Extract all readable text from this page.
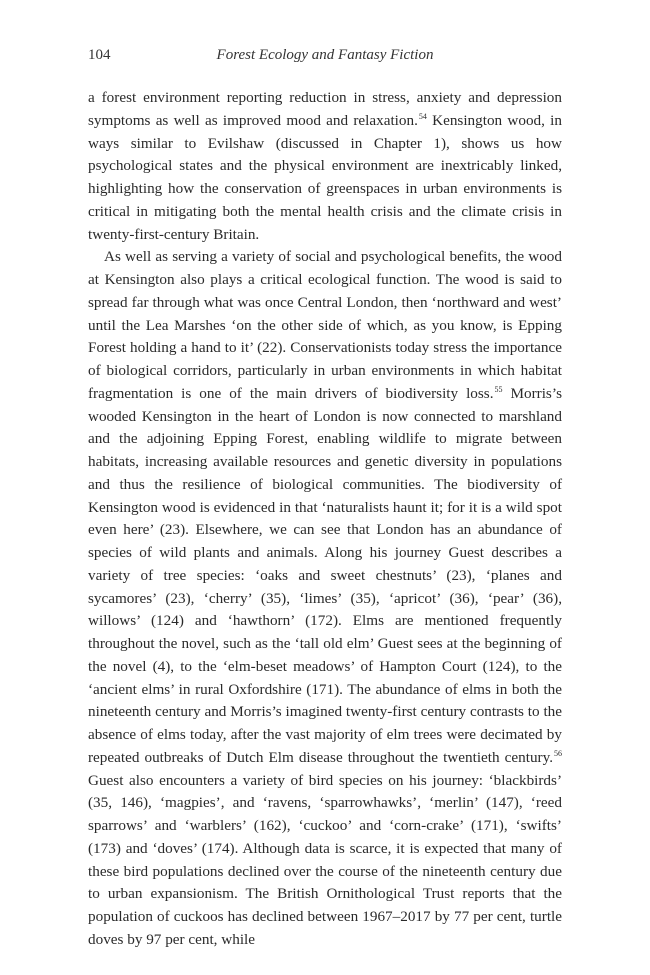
104	Forest Ecology and Fantasy Fiction

a forest environment reporting reduction in stress, anxiety and depression symptoms as well as improved mood and relaxation.$^{54}$ Kensington wood, in ways similar to Evilshaw (discussed in Chapter 1), shows us how psychological states and the physical environment are inextricably linked, highlighting how the conservation of greenspaces in urban environments is critical in mitigating both the mental health crisis and the climate crisis in twenty-first-century Britain.

As well as serving a variety of social and psychological benefits, the wood at Kensington also plays a critical ecological function. The wood is said to spread far through what was once Central London, then ‘northward and west’ until the Lea Marshes ‘on the other side of which, as you know, is Epping Forest holding a hand to it’ (22). Conservationists today stress the importance of biological corridors, particularly in urban environments in which habitat fragmentation is one of the main drivers of biodiversity loss.$^{55}$ Morris’s wooded Kensington in the heart of London is now connected to marshland and the adjoining Epping Forest, enabling wildlife to migrate between habitats, increasing available resources and genetic diversity in populations and thus the resilience of biological communities. The biodiversity of Kensington wood is evidenced in that ‘naturalists haunt it; for it is a wild spot even here’ (23). Elsewhere, we can see that London has an abundance of species of wild plants and animals. Along his journey Guest describes a variety of tree species: ‘oaks and sweet chestnuts’ (23), ‘planes and sycamores’ (23), ‘cherry’ (35), ‘limes’ (35), ‘apricot’ (36), ‘pear’ (36), willows’ (124) and ‘hawthorn’ (172). Elms are mentioned frequently throughout the novel, such as the ‘tall old elm’ Guest sees at the beginning of the novel (4), to the ‘elm-beset meadows’ of Hampton Court (124), to the ‘ancient elms’ in rural Oxfordshire (171). The abundance of elms in both the nineteenth century and Morris’s imagined twenty-first century contrasts to the absence of elms today, after the vast majority of elm trees were decimated by repeated outbreaks of Dutch Elm disease throughout the twentieth century.$^{56}$ Guest also encounters a variety of bird species on his journey: ‘blackbirds’ (35, 146), ‘magpies’, and ‘ravens, ‘sparrowhawks’, ‘merlin’ (147), ‘reed sparrows’ and ‘warblers’ (162), ‘cuckoo’ and ‘corn-crake’ (171), ‘swifts’ (173) and ‘doves’ (174). Although data is scarce, it is expected that many of these bird populations declined over the course of the nineteenth century due to urban expansionism. The British Ornithological Trust reports that the population of cuckoos has declined between 1967–2017 by 77 per cent, turtle doves by 97 per cent, while
